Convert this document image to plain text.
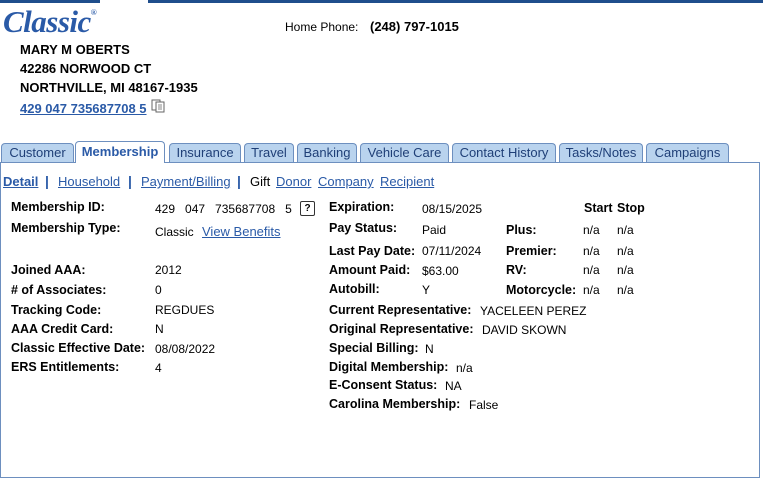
Classic®
Home Phone: (248) 797-1015
MARY M OBERTS
42286 NORWOOD CT
NORTHVILLE, MI 48167-1935
429 047 735687708 5
Customer	Membership	Insurance	Travel	Banking	Vehicle Care	Contact History	Tasks/Notes	Campaigns
Detail | Household | Payment/Billing | Gift Donor Company Recipient
Membership ID:	429   047   735687708   5	?
Membership Type:	Classic View Benefits
Joined AAA:	2012
# of Associates:	0
Tracking Code:	REGDUES
AAA Credit Card:	N
Classic Effective Date: 08/08/2022
ERS Entitlements:	4
Expiration: 08/15/2025
Pay Status: Paid
Last Pay Date: 07/11/2024
Amount Paid: $63.00
Autobill:	Y
Current Representative: YACELEEN PEREZ
Original Representative: DAVID SKOWN
Special Billing: N
Digital Membership: n/a
E-Consent Status: NA
Carolina Membership: False
Start Stop
Plus:	n/a n/a
Premier: n/a n/a
RV:	n/a n/a
Motorcycle: n/a n/a
